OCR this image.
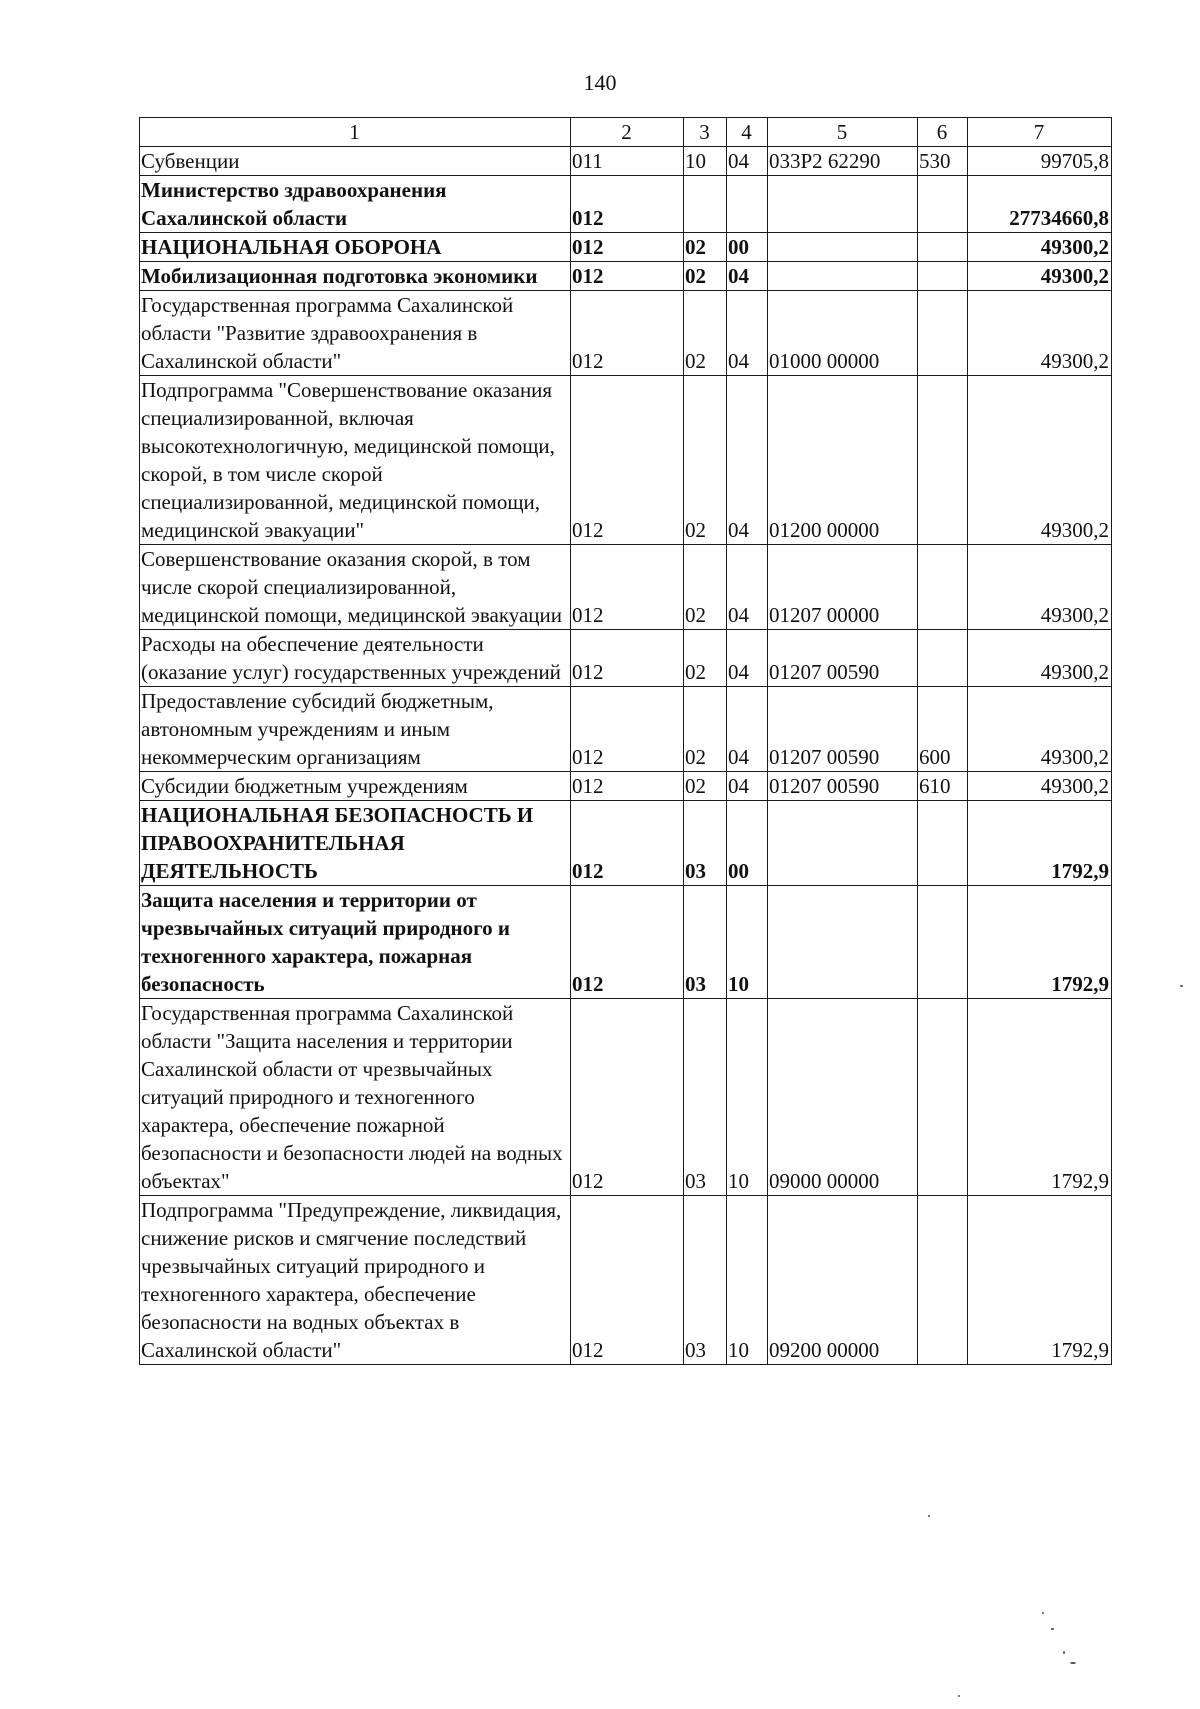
140
1	2	3	4	5	6	7
Субвенции	011	10	04	033P2 62290	530	99705,8
Министерство здравоохранения Сахалинской области	012					27734660,8
НАЦИОНАЛЬНАЯ ОБОРОНА	012	02	00			49300,2
Мобилизационная подготовка экономики	012	02	04			49300,2
Государственная программа Сахалинской области "Развитие здравоохранения в Сахалинской области"	012	02	04	01000 00000		49300,2
Подпрограмма "Совершенствование оказания специализированной, включая высокотехнологичную, медицинской помощи, скорой, в том числе скорой специализированной, медицинской помощи, медицинской эвакуации"	012	02	04	01200 00000		49300,2
Совершенствование оказания скорой, в том числе скорой специализированной, медицинской помощи, медицинской эвакуации	012	02	04	01207 00000		49300,2
Расходы на обеспечение деятельности (оказание услуг) государственных учреждений	012	02	04	01207 00590		49300,2
Предоставление субсидий бюджетным, автономным учреждениям и иным некоммерческим организациям	012	02	04	01207 00590	600	49300,2
Субсидии бюджетным учреждениям	012	02	04	01207 00590	610	49300,2
НАЦИОНАЛЬНАЯ БЕЗОПАСНОСТЬ И ПРАВООХРАНИТЕЛЬНАЯ ДЕЯТЕЛЬНОСТЬ	012	03	00			1792,9
Защита населения и территории от чрезвычайных ситуаций природного и техногенного характера, пожарная безопасность	012	03	10			1792,9
Государственная программа Сахалинской области "Защита населения и территории Сахалинской области от чрезвычайных ситуаций природного и техногенного характера, обеспечение пожарной безопасности и безопасности людей на водных объектах"	012	03	10	09000 00000		1792,9
Подпрограмма "Предупреждение, ликвидация, снижение рисков и смягчение последствий чрезвычайных ситуаций природного и техногенного характера, обеспечение безопасности на водных объектах в Сахалинской области"	012	03	10	09200 00000		1792,9
